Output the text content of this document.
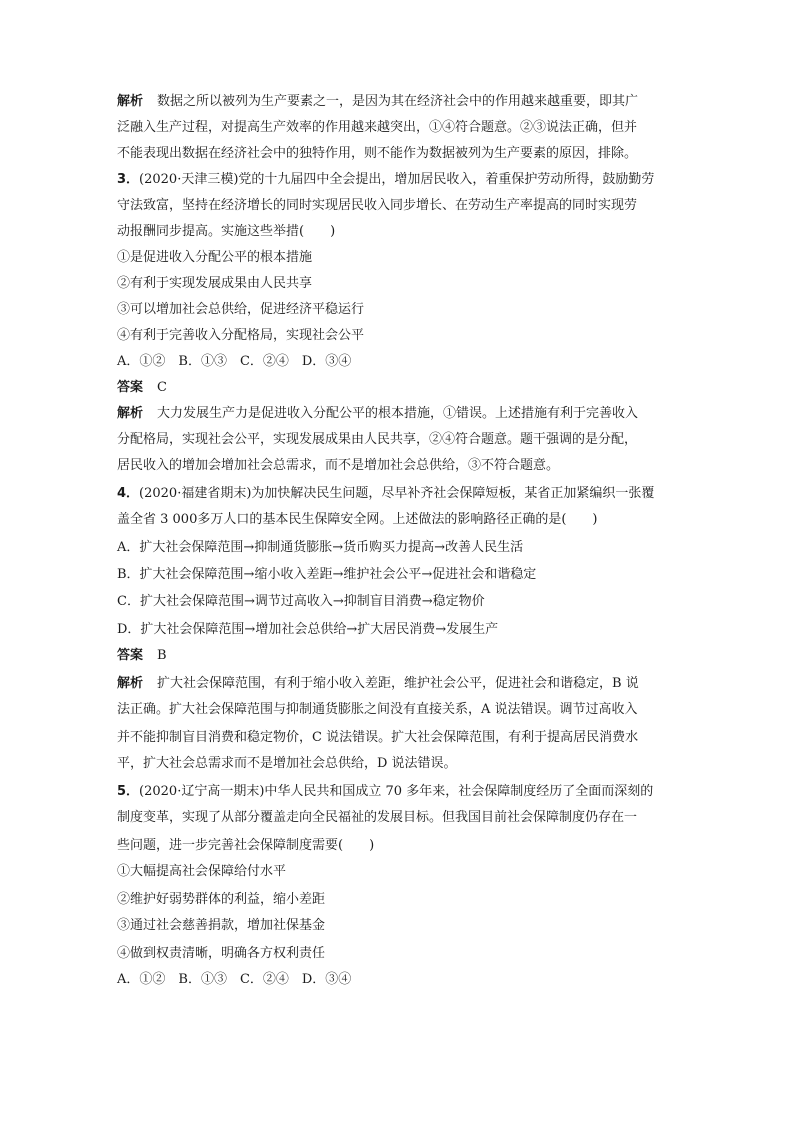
解析 数据之所以被列为生产要素之一，是因为其在经济社会中的作用越来越重要，即其广
泛融入生产过程，对提高生产效率的作用越来越突出，①④符合题意。②③说法正确，但并
不能表现出数据在经济社会中的独特作用，则不能作为数据被列为生产要素的原因，排除。
3．(2020·天津三模)党的十九届四中全会提出，增加居民收入，着重保护劳动所得，鼓励勤劳
守法致富，坚持在经济增长的同时实现居民收入同步增长、在劳动生产率提高的同时实现劳
动报酬同步提高。实施这些举措(　　)
①是促进收入分配公平的根本措施
②有利于实现发展成果由人民共享
③可以增加社会总供给，促进经济平稳运行
④有利于完善收入分配格局，实现社会公平
A．①②　B．①③　C．②④　D．③④
答案 C
解析 大力发展生产力是促进收入分配公平的根本措施，①错误。上述措施有利于完善收入
分配格局，实现社会公平，实现发展成果由人民共享，②④符合题意。题干强调的是分配，
居民收入的增加会增加社会总需求，而不是增加社会总供给，③不符合题意。
4．(2020·福建省期末)为加快解决民生问题，尽早补齐社会保障短板，某省正加紧编织一张覆
盖全省 3 000多万人口的基本民生保障安全网。上述做法的影响路径正确的是(　　)
A．扩大社会保障范围→抑制通货膨胀→货币购买力提高→改善人民生活
B．扩大社会保障范围→缩小收入差距→维护社会公平→促进社会和谐稳定
C．扩大社会保障范围→调节过高收入→抑制盲目消费→稳定物价
D．扩大社会保障范围→增加社会总供给→扩大居民消费→发展生产
答案 B
解析 扩大社会保障范围，有利于缩小收入差距，维护社会公平，促进社会和谐稳定，B 说
法正确。扩大社会保障范围与抑制通货膨胀之间没有直接关系，A 说法错误。调节过高收入
并不能抑制盲目消费和稳定物价，C 说法错误。扩大社会保障范围，有利于提高居民消费水
平，扩大社会总需求而不是增加社会总供给，D 说法错误。
5．(2020·辽宁高一期末)中华人民共和国成立 70 多年来，社会保障制度经历了全面而深刻的
制度变革，实现了从部分覆盖走向全民福祉的发展目标。但我国目前社会保障制度仍存在一
些问题，进一步完善社会保障制度需要(　　)
①大幅提高社会保障给付水平
②维护好弱势群体的利益，缩小差距
③通过社会慈善捐款，增加社保基金
④做到权责清晰，明确各方权利责任
A．①②　B．①③　C．②④　D．③④
